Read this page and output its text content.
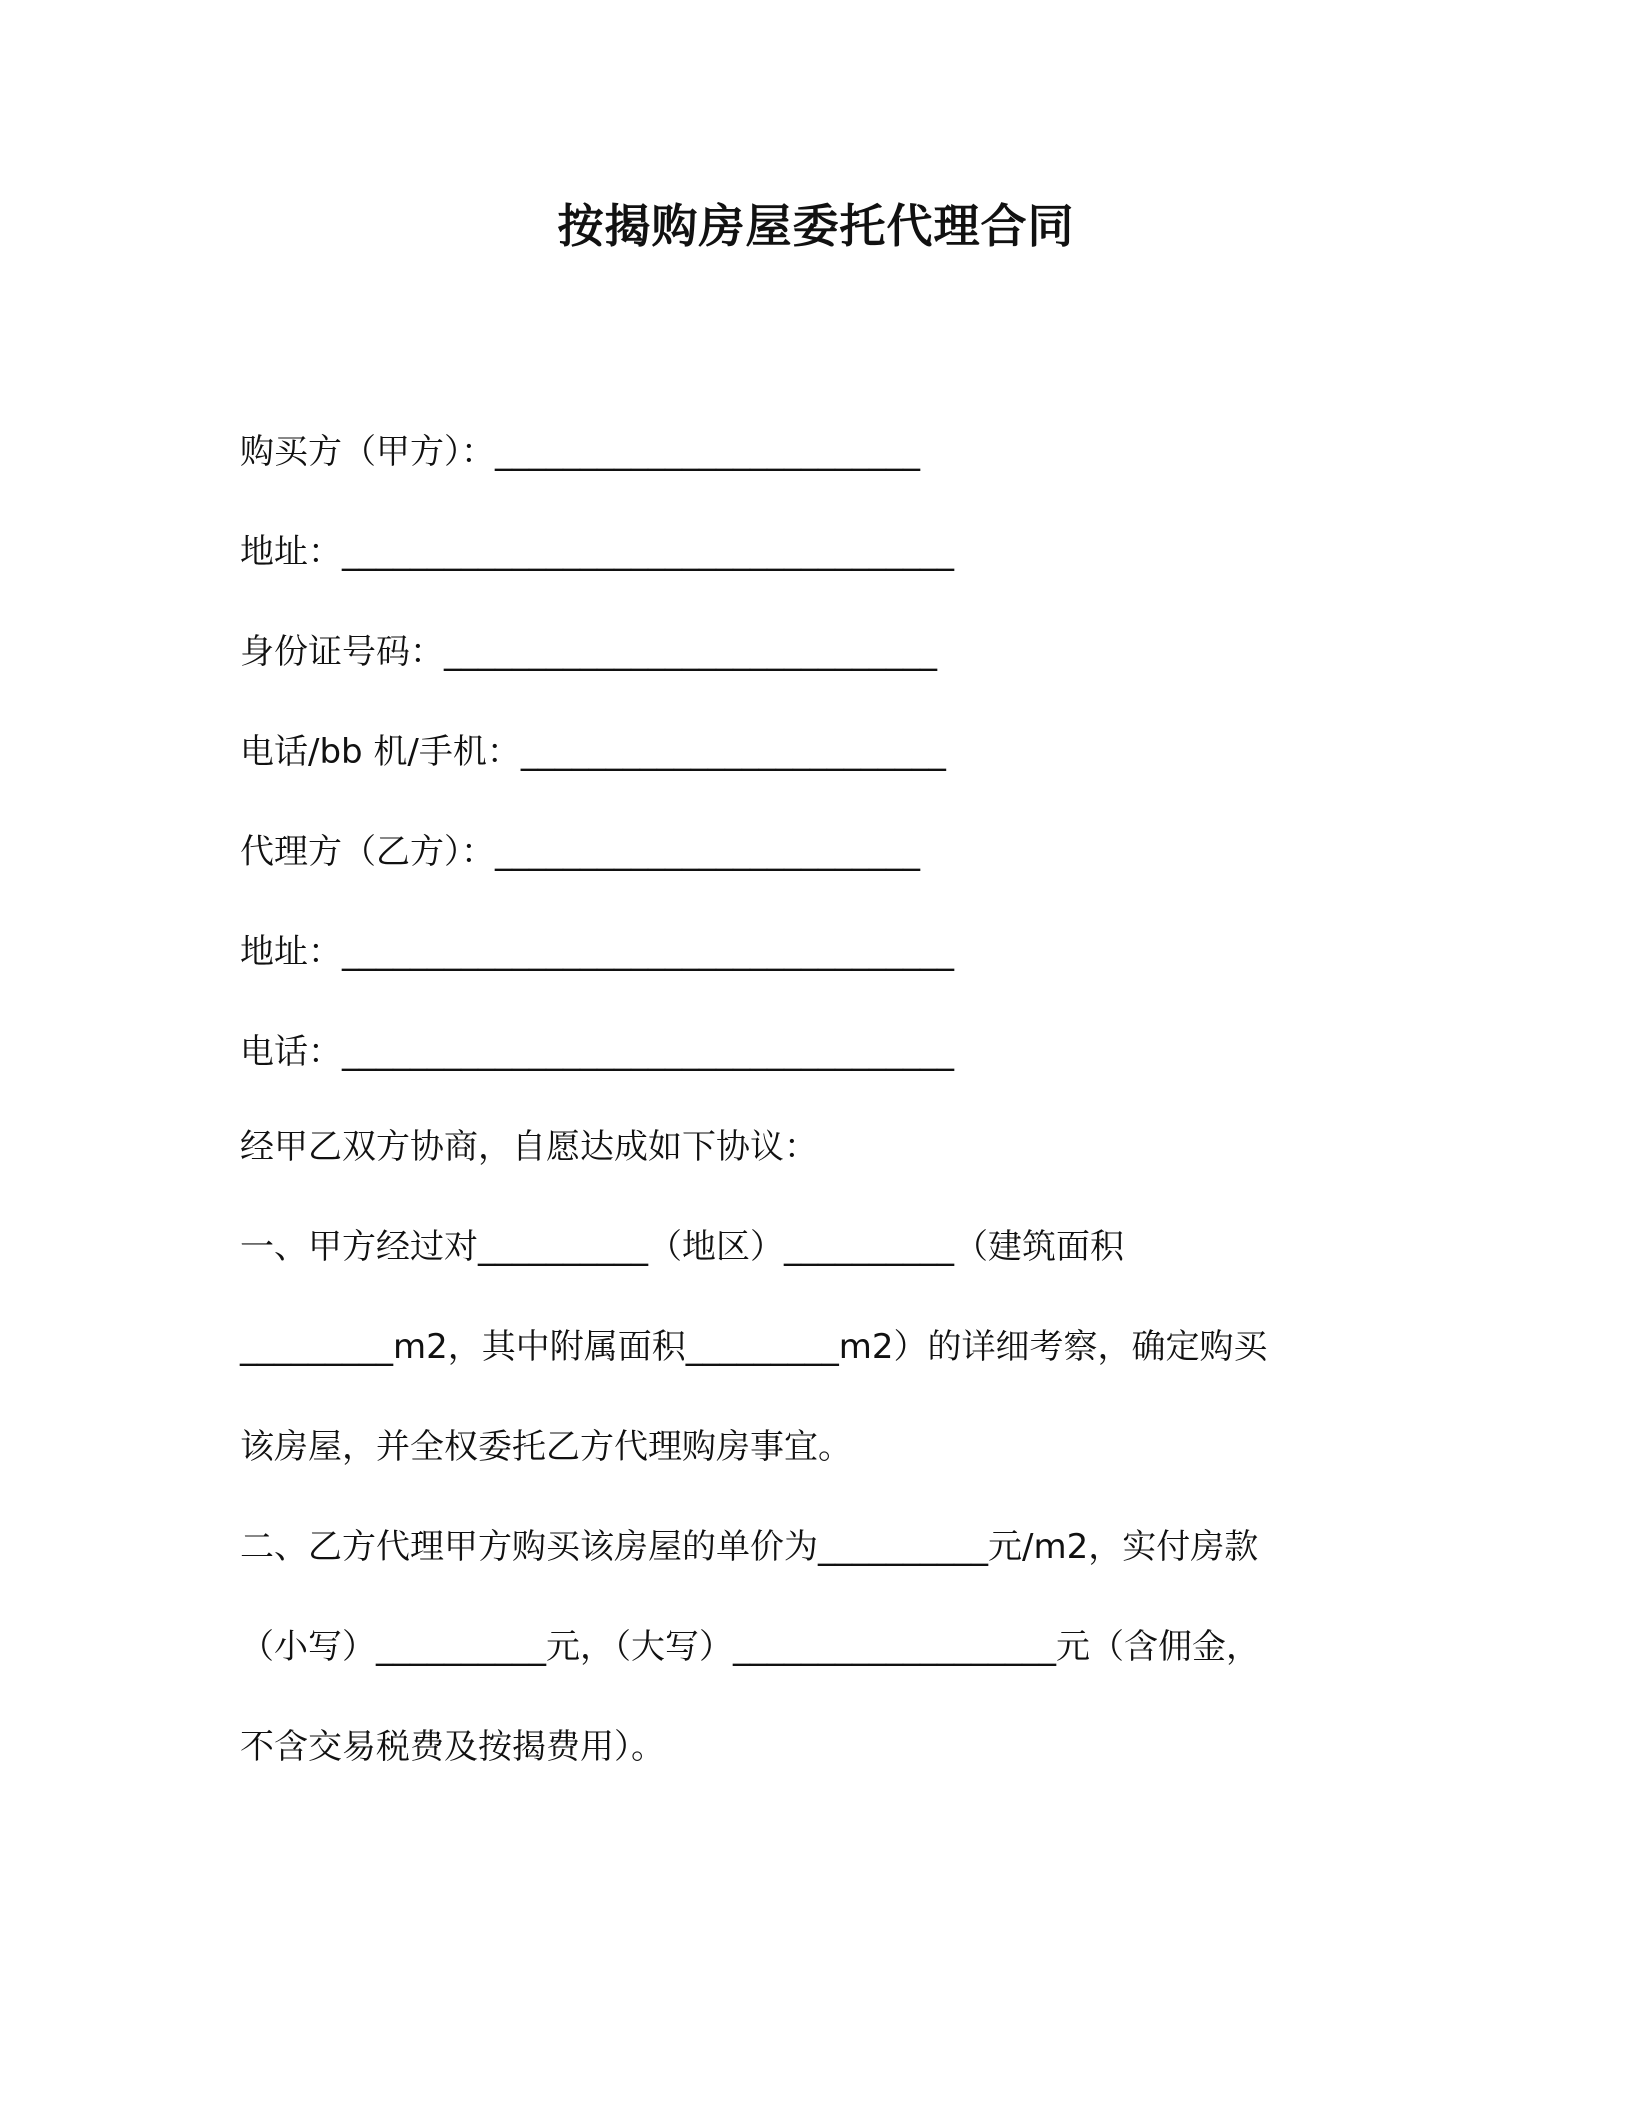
按揭购房屋委托代理合同
购买方（甲方）：_________________________
地址：____________________________________
身份证号码：_____________________________
电话/bb 机/手机：_________________________
代理方（乙方）：_________________________
地址：____________________________________
电话：____________________________________
经甲乙双方协商，自愿达成如下协议：
一、甲方经过对__________（地区）__________（建筑面积
_________m2，其中附属面积_________m2）的详细考察，确定购买
该房屋，并全权委托乙方代理购房事宜。
二、乙方代理甲方购买该房屋的单价为__________元/m2，实付房款
（小写）__________元，（大写）___________________元（含佣金，
不含交易税费及按揭费用）。
